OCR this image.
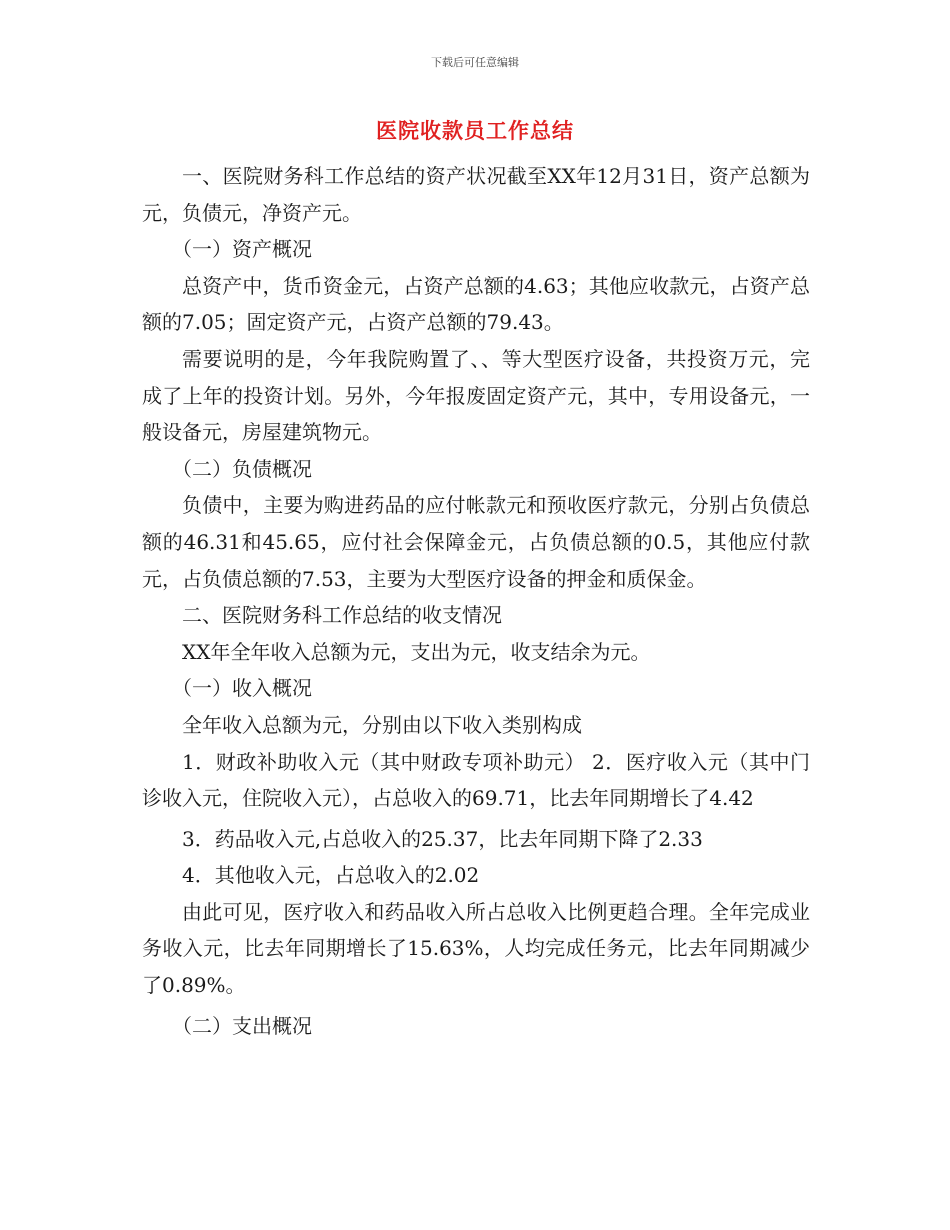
下载后可任意编辑
医院收款员工作总结

一、医院财务科工作总结的资产状况截至XX年12月31日，资产总额为元，负债元，净资产元。

（一）资产概况

总资产中，货币资金元，占资产总额的4.63；其他应收款元，占资产总额的7.05；固定资产元，占资产总额的79.43。

需要说明的是，今年我院购置了、、等大型医疗设备，共投资万元，完成了上年的投资计划。另外，今年报废固定资产元，其中，专用设备元，一般设备元，房屋建筑物元。

（二）负债概况

负债中，主要为购进药品的应付帐款元和预收医疗款元，分别占负债总额的46.31和45.65，应付社会保障金元，占负债总额的0.5，其他应付款元，占负债总额的7.53，主要为大型医疗设备的押金和质保金。

二、医院财务科工作总结的收支情况

XX年全年收入总额为元，支出为元，收支结余为元。

（一）收入概况

全年收入总额为元，分别由以下收入类别构成

1．财政补助收入元（其中财政专项补助元） 2．医疗收入元（其中门诊收入元，住院收入元），占总收入的69.71，比去年同期增长了4.42

3．药品收入元,占总收入的25.37，比去年同期下降了2.33

4．其他收入元，占总收入的2.02

由此可见，医疗收入和药品收入所占总收入比例更趋合理。全年完成业务收入元，比去年同期增长了15.63%，人均完成任务元，比去年同期减少了0.89%。

（二）支出概况
